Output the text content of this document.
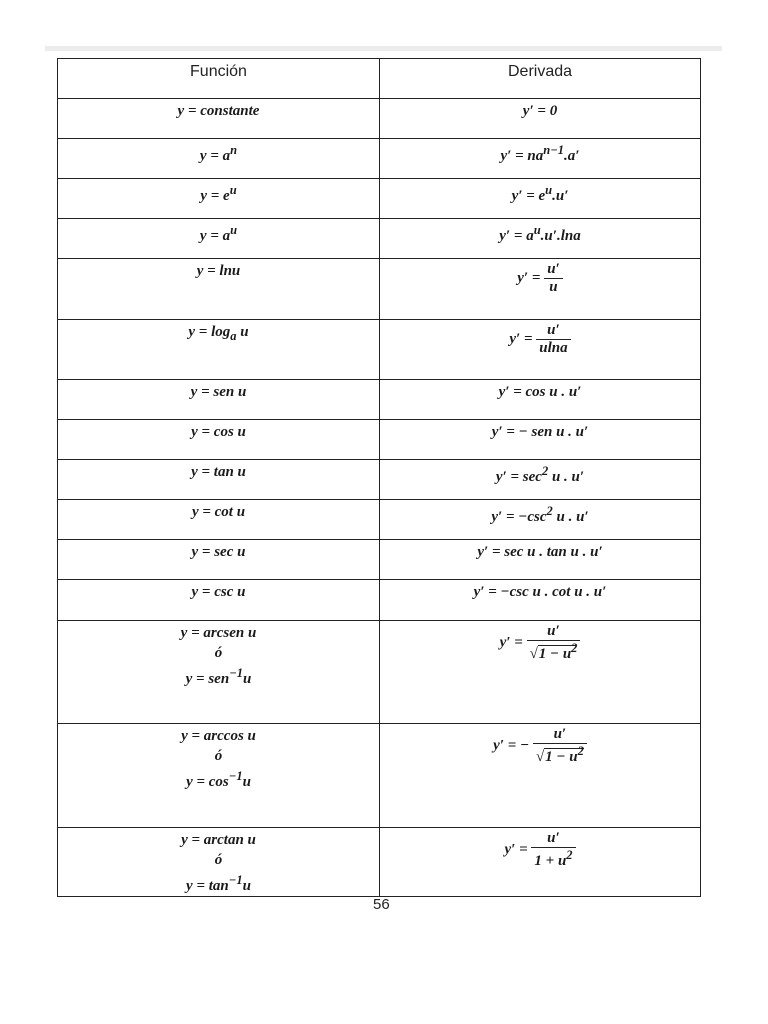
Función	Derivada

y = constante	y′ = 0

$y = a^n$	$y' = na^{n-1}.a'$

$y = e^u$	$y' = e^u.u'$

$y = a^u$	$y' = a^u.u'.\ln a$

y = lnu	$y' = \frac{u'}{u}$

$y = \log_a u$	$y' = \frac{u'}{ulna}$

y = sen u	y′ = cos u . u′

y = cos u	y′ = − sen u . u′

y = tan u	$y' = \sec^2 u$ . u′

y = cot u	$y' = -\csc^2$ u . u′

y = sec u	y′ = sec u . tan u . u′

y = csc u	y′ = −csc u . cot u . u′

y = arcsen u
ó
y = sen$^{-1}$u	$y' = \frac{u'}{√1 - u^2}$

y = arccos u
ó
$y = \cos^{-1}u$	y′ = − $\frac{u'}{√1 - u^2}$

y = arctan u
ó
$y = \tan^{-1}u$	$y' = \frac{u'}{1 + u^2}$
56
